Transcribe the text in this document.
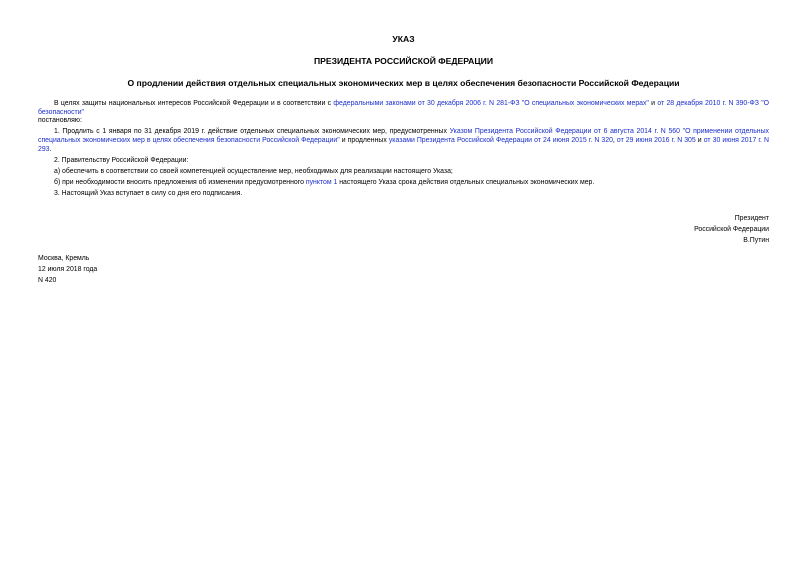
УКАЗ
ПРЕЗИДЕНТА РОССИЙСКОЙ ФЕДЕРАЦИИ
О продлении действия отдельных специальных экономических мер в целях обеспечения безопасности Российской Федерации

В целях защиты национальных интересов Российской Федерации и в соответствии с федеральными законами от 30 декабря 2006 г. N 281-ФЗ "О специальных экономических мерах" и от 28 декабря 2010 г. N 390-ФЗ "О безопасности"

постановляю:

1. Продлить с 1 января по 31 декабря 2019 г. действие отдельных специальных экономических мер, предусмотренных Указом Президента Российской Федерации от 6 августа 2014 г. N 560 "О применении отдельных специальных экономических мер в целях обеспечения безопасности Российской Федерации" и продленных указами Президента Российской Федерации от 24 июня 2015 г. N 320, от 29 июня 2016 г. N 305 и от 30 июня 2017 г. N 293.

2. Правительству Российской Федерации:

а) обеспечить в соответствии со своей компетенцией осуществление мер, необходимых для реализации настоящего Указа;

б) при необходимости вносить предложения об изменении предусмотренного пунктом 1 настоящего Указа срока действия отдельных специальных экономических мер.

3. Настоящий Указ вступает в силу со дня его подписания.

Президент
Российской Федерации
В.Путин
Москва, Кремль
12 июля 2018 года
N 420
